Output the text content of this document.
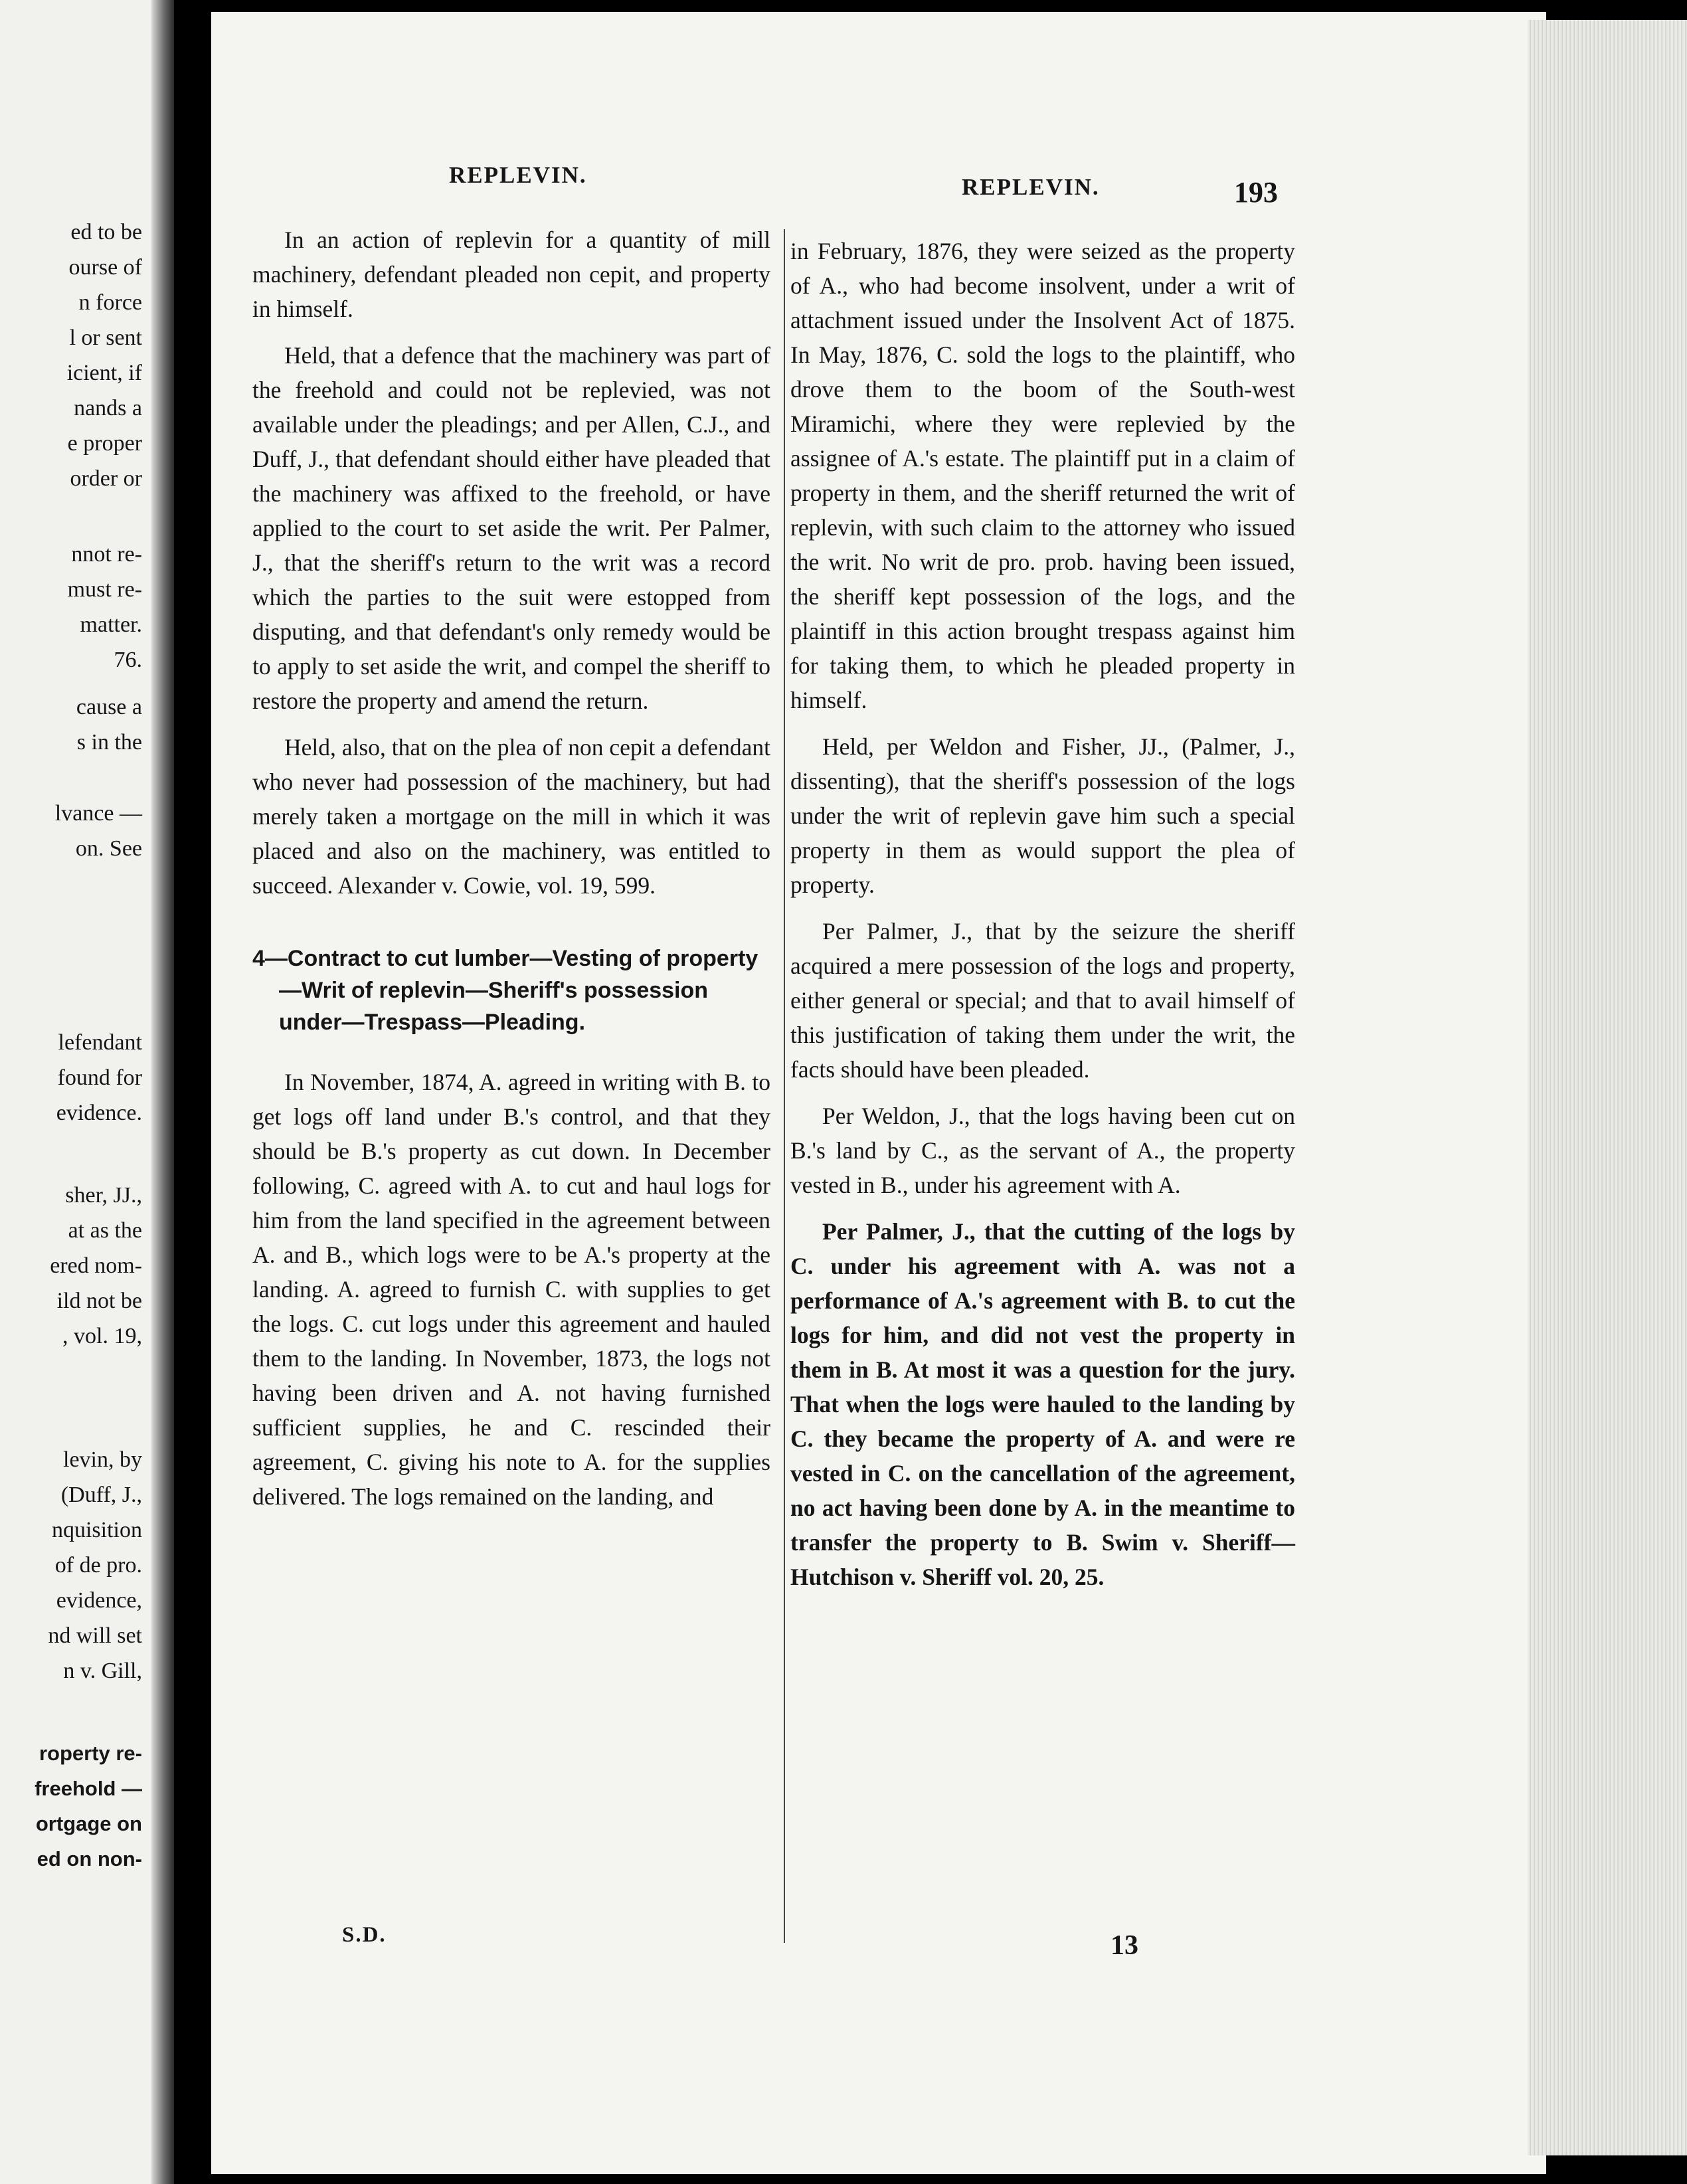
ed to be
ourse of
n force
l or sent
icient, if
nands a
e proper
order or
nnot re-
must re-
matter.
76.
cause a
s in the
lvance —
on. See
lefendant
found for
evidence.
sher, JJ.,
at as the
ered nom-
ild not be
, vol. 19,
levin, by
(Duff, J.,
nquisition
of de pro.
evidence,
nd will set
n v. Gill,
roperty re-
freehold —
ortgage on
ed on non-
REPLEVIN.	REPLEVIN.	193

In an action of replevin for a quantity of mill machinery, defendant pleaded non cepit, and property in himself.

Held, that a defence that the machinery was part of the freehold and could not be replevied, was not available under the pleadings; and per Allen, C.J., and Duff, J., that defendant should either have pleaded that the machinery was affixed to the freehold, or have applied to the court to set aside the writ. Per Palmer, J., that the sheriff's return to the writ was a record which the parties to the suit were estopped from disputing, and that defendant's only remedy would be to apply to set aside the writ, and compel the sheriff to restore the property and amend the return.

Held, also, that on the plea of non cepit a defendant who never had possession of the machinery, but had merely taken a mortgage on the mill in which it was placed and also on the machinery, was entitled to succeed. Alexander v. Cowie, vol. 19, 599.

4—Contract to cut lumber—Vesting of property—Writ of replevin—Sheriff's possession under—Trespass—Pleading.

In November, 1874, A. agreed in writing with B. to get logs off land under B.'s control, and that they should be B.'s property as cut down. In December following, C. agreed with A. to cut and haul logs for him from the land specified in the agreement between A. and B., which logs were to be A.'s property at the landing. A. agreed to furnish C. with supplies to get the logs. C. cut logs under this agreement and hauled them to the landing. In November, 1873, the logs not having been driven and A. not having furnished sufficient supplies, he and C. rescinded their agreement, C. giving his note to A. for the supplies delivered. The logs remained on the landing, and

in February, 1876, they were seized as the property of A., who had become insolvent, under a writ of attachment issued under the Insolvent Act of 1875. In May, 1876, C. sold the logs to the plaintiff, who drove them to the boom of the South-west Miramichi, where they were replevied by the assignee of A.'s estate. The plaintiff put in a claim of property in them, and the sheriff returned the writ of replevin, with such claim to the attorney who issued the writ. No writ de pro. prob. having been issued, the sheriff kept possession of the logs, and the plaintiff in this action brought trespass against him for taking them, to which he pleaded property in himself.

Held, per Weldon and Fisher, JJ., (Palmer, J., dissenting), that the sheriff's possession of the logs under the writ of replevin gave him such a special property in them as would support the plea of property.

Per Palmer, J., that by the seizure the sheriff acquired a mere possession of the logs and property, either general or special; and that to avail himself of this justification of taking them under the writ, the facts should have been pleaded.

Per Weldon, J., that the logs having been cut on B.'s land by C., as the servant of A., the property vested in B., under his agreement with A.

Per Palmer, J., that the cutting of the logs by C. under his agreement with A. was not a performance of A.'s agreement with B. to cut the logs for him, and did not vest the property in them in B. At most it was a question for the jury. That when the logs were hauled to the landing by C. they became the property of A. and were re vested in C. on the cancellation of the agreement, no act having been done by A. in the meantime to transfer the property to B. Swim v. Sheriff—Hutchison v. Sheriff vol. 20, 25.

S.D.	13
